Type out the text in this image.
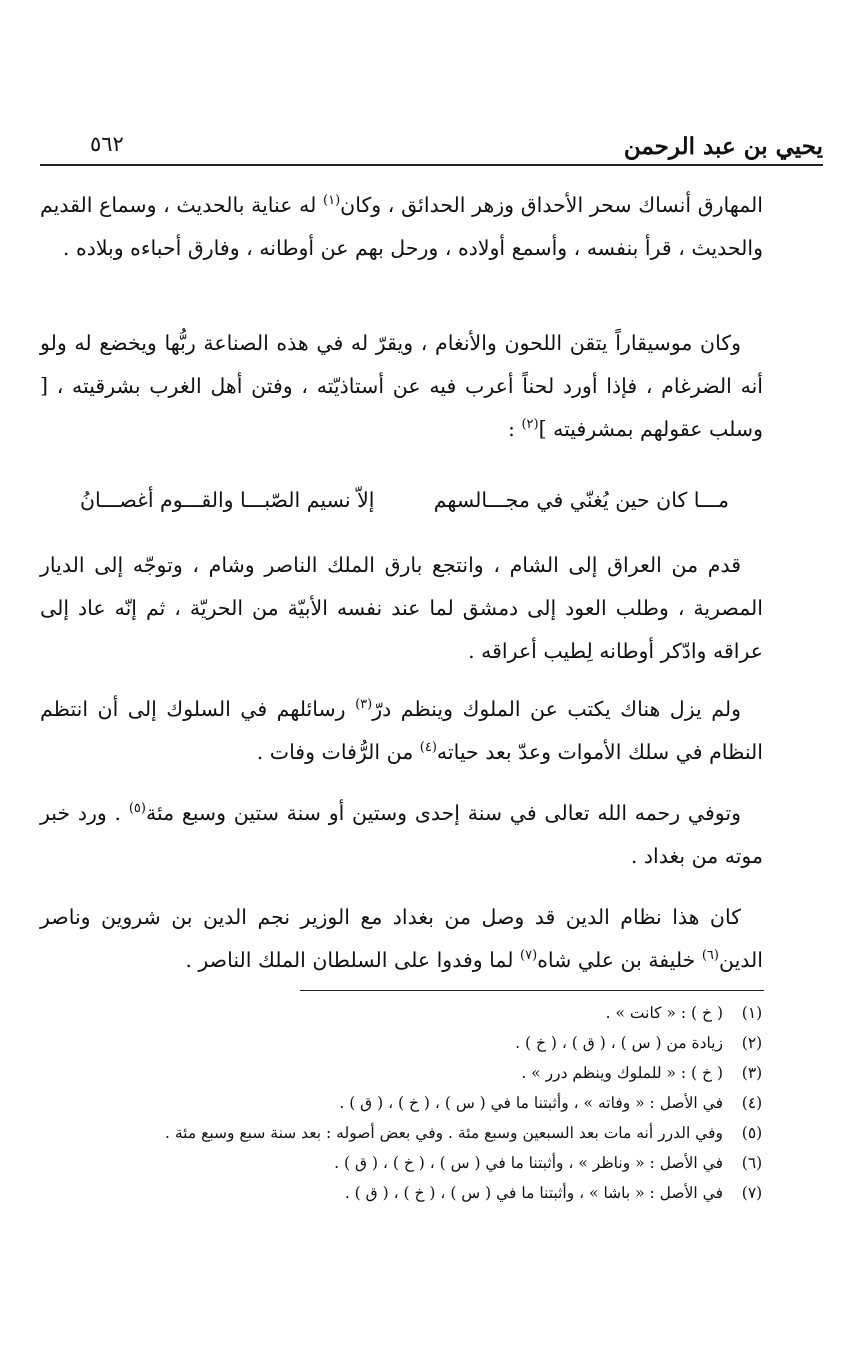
يحيي بن عبد الرحمن
٥٦٢

المهارق أنساك سحر الأحداق وزهر الحدائق ، وكان$^{(١)}$ له عناية بالحديث ، وسماع القديم والحديث ، قرأ بنفسه ، وأسمع أولاده ، ورحل بهم عن أوطانه ، وفارق أحباءه وبلاده .

وكان موسيقاراً يتقن اللحون والأنغام ، ويقرّ له في هذه الصناعة ربُّها ويخضع له ولو أنه الضرغام ، فإذا أورد لحناً أعرب فيه عن أستاذيّته ، وفتن أهل الغرب بشرقيته ، [ وسلب عقولهم بمشرفيته ]$^{(٢)}$ :

مـــا كان حين يُغنّي في مجـــالسهم
إلاّ نسيم الصّبـــا والقـــوم أغصـــانُ

قدم من العراق إلى الشام ، وانتجع بارق الملك الناصر وشام ، وتوجّه إلى الديار المصرية ، وطلب العود إلى دمشق لما عند نفسه الأبيّة من الحريّة ، ثم إنّه عاد إلى عراقه وادّكر أوطانه لِطيب أعراقه .

ولم يزل هناك يكتب عن الملوك وينظم درّ$^{(٣)}$ رسائلهم في السلوك إلى أن انتظم النظام في سلك الأموات وعدّ بعد حياته$^{(٤)}$ من الرُّفات وفات .

وتوفي رحمه الله تعالى في سنة إحدى وستين أو سنة ستين وسبع مئة$^{(٥)}$ . ورد خبر موته من بغداد .

كان هذا نظام الدين قد وصل من بغداد مع الوزير نجم الدين بن شروين وناصر الدين$^{(٦)}$ خليفة بن علي شاه$^{(٧)}$ لما وفدوا على السلطان الملك الناصر .

(١)
( خ ) : « كانت » .
(٢)
زيادة من ( س ) ، ( ق ) ، ( خ ) .
(٣)
( خ ) : « للملوك وينظم درر » .
(٤)
في الأصل : « وفاته » ، وأثبتنا ما في ( س ) ، ( خ ) ، ( ق ) .
(٥)
وفي الدرر أنه مات بعد السبعين وسبع مئة . وفي بعض أصوله : بعد سنة سبع وسبع مئة .
(٦)
في الأصل : « وناظر » ، وأثبتنا ما في ( س ) ، ( خ ) ، ( ق ) .
(٧)
في الأصل : « باشا » ، وأثبتنا ما في ( س ) ، ( خ ) ، ( ق ) .
